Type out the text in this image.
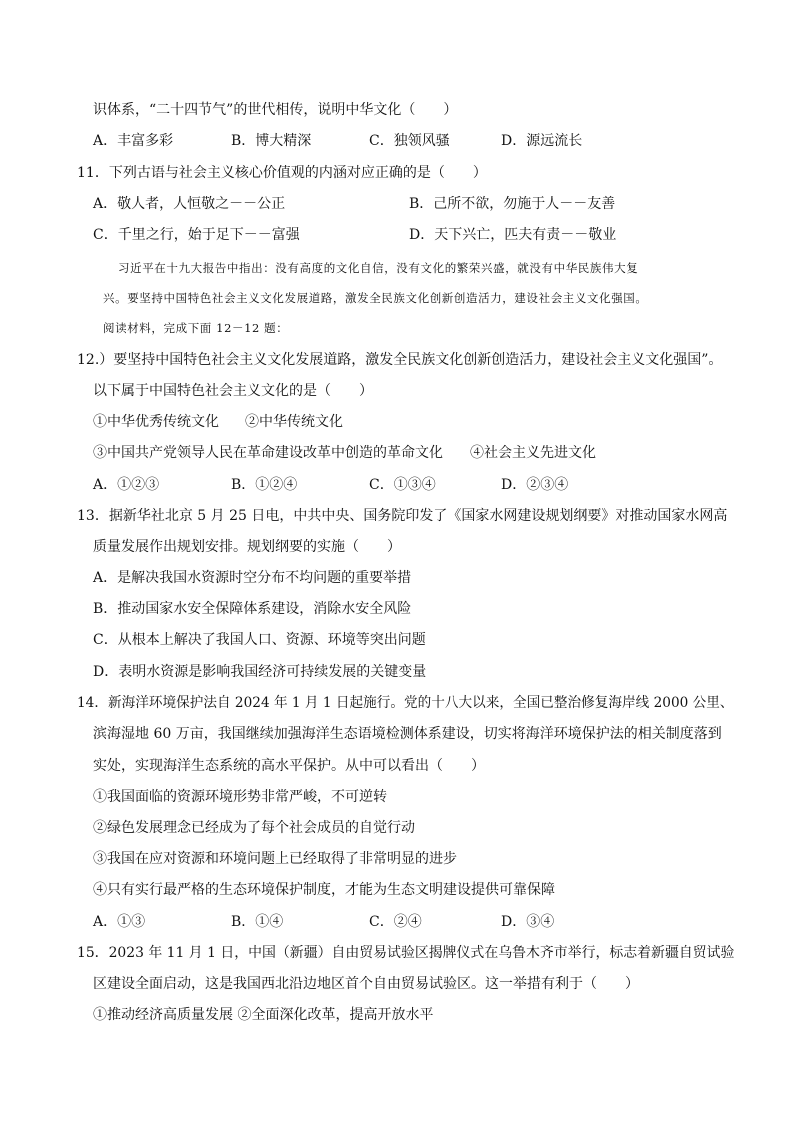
识体系，“二十四节气”的世代相传，说明中华文化（　　）
A．丰富多彩	B．博大精深	C．独领风骚	D．源远流长
11．下列古语与社会主义核心价值观的内涵对应正确的是（　　）
A．敬人者，人恒敬之－－公正	B．己所不欲，勿施于人－－友善
C．千里之行，始于足下－－富强	D．天下兴亡，匹夫有责－－敬业
习近平在十九大报告中指出：没有高度的文化自信，没有文化的繁荣兴盛，就没有中华民族伟大复
兴。要坚持中国特色社会主义文化发展道路，激发全民族文化创新创造活力，建设社会主义文化强国。
阅读材料，完成下面 12－12 题：
12.）要坚持中国特色社会主义文化发展道路，激发全民族文化创新创造活力，建设社会主义文化强国”。
以下属于中国特色社会主义文化的是（　　）
①中华优秀传统文化 ②中华传统文化
③中国共产党领导人民在革命建设改革中创造的革命文化 ④社会主义先进文化
A．①②③	B．①②④	C．①③④	D．②③④
13．据新华社北京 5 月 25 日电，中共中央、国务院印发了《国家水网建设规划纲要》对推动国家水网高
质量发展作出规划安排。规划纲要的实施（　　）
A．是解决我国水资源时空分布不均问题的重要举措
B．推动国家水安全保障体系建设，消除水安全风险
C．从根本上解决了我国人口、资源、环境等突出问题
D．表明水资源是影响我国经济可持续发展的关键变量
14．新海洋环境保护法自 2024 年 1 月 1 日起施行。党的十八大以来，全国已整治修复海岸线 2000 公里、
滨海湿地 60 万亩，我国继续加强海洋生态语境检测体系建设，切实将海洋环境保护法的相关制度落到
实处，实现海洋生态系统的高水平保护。从中可以看出（　　）
①我国面临的资源环境形势非常严峻，不可逆转
②绿色发展理念已经成为了每个社会成员的自觉行动
③我国在应对资源和环境问题上已经取得了非常明显的进步
④只有实行最严格的生态环境保护制度，才能为生态文明建设提供可靠保障
A．①③	B．①④	C．②④	D．③④
15．2023 年 11 月 1 日，中国（新疆）自由贸易试验区揭牌仪式在乌鲁木齐市举行，标志着新疆自贸试验
区建设全面启动，这是我国西北沿边地区首个自由贸易试验区。这一举措有利于（　　）
①推动经济高质量发展 ②全面深化改革，提高开放水平
